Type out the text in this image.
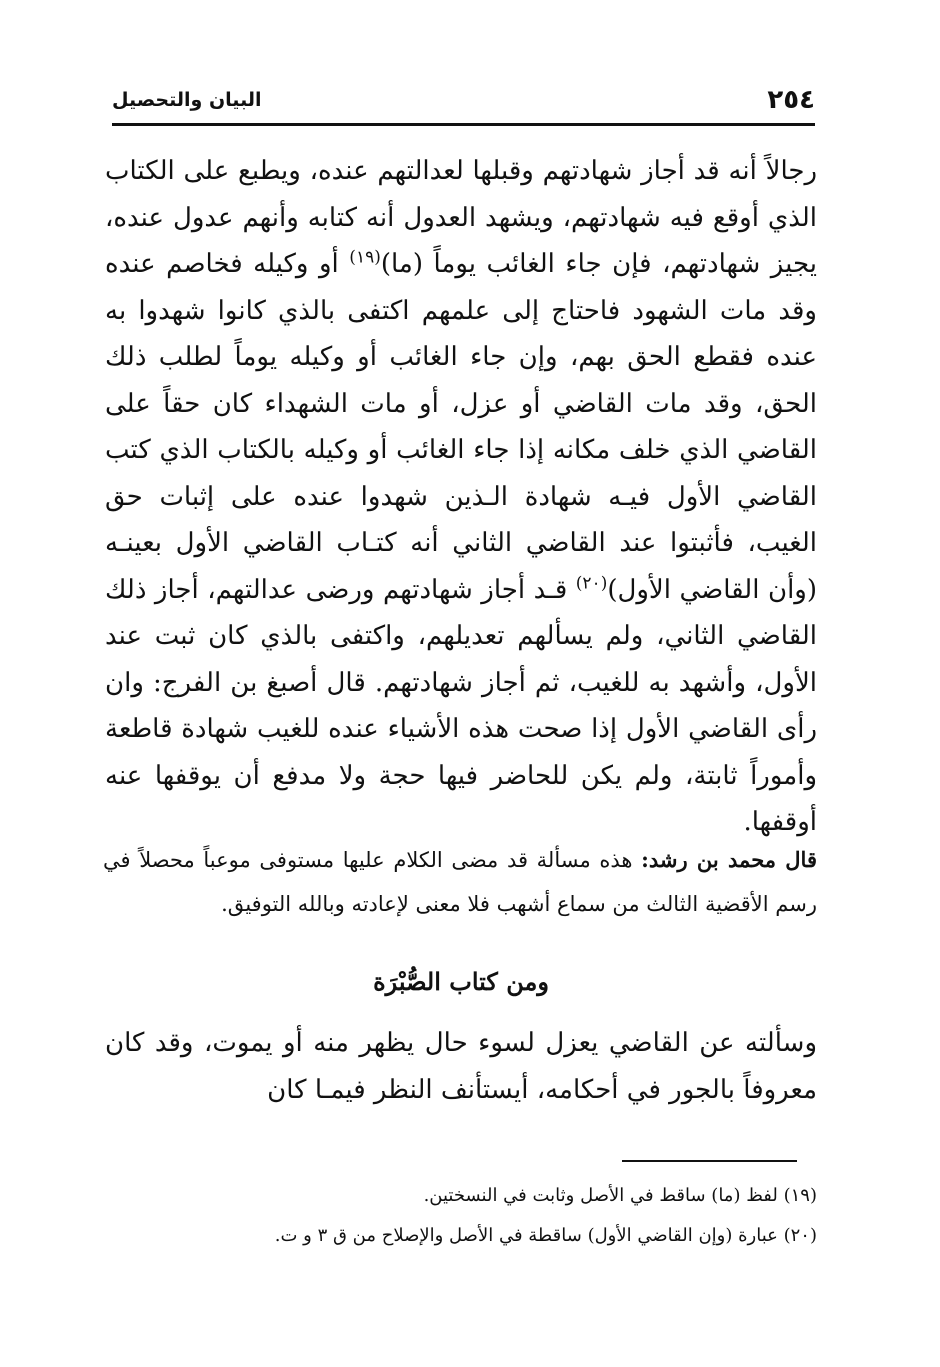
٢٥٤
البيان والتحصيل

رجالاً أنه قد أجاز شهادتهم وقبلها لعدالتهم عنده، ويطبع على الكتاب الذي أوقع فيه شهادتهم، ويشهد العدول أنه كتابه وأنهم عدول عنده، يجيز شهادتهم، فإن جاء الغائب يوماً (ما)$^{(١٩)}$ أو وكيله فخاصم عنده وقد مات الشهود فاحتاج إلى علمهم اكتفى بالذي كانوا شهدوا به عنده فقطع الحق بهم، وإن جاء الغائب أو وكيله يوماً لطلب ذلك الحق، وقد مات القاضي أو عزل، أو مات الشهداء كان حقاً على القاضي الذي خلف مكانه إذا جاء الغائب أو وكيله بالكتاب الذي كتب القاضي الأول فيـه شهادة الـذين شهدوا عنده على إثبات حق الغيب، فأثبتوا عند القاضي الثاني أنه كتـاب القاضي الأول بعينـه (وأن القاضي الأول)$^{(٢٠)}$ قـد أجاز شهادتهم ورضى عدالتهم، أجاز ذلك القاضي الثاني، ولم يسألهم تعديلهم، واكتفى بالذي كان ثبت عند الأول، وأشهد به للغيب، ثم أجاز شهادتهم. قال أصبغ بن الفرج: وان رأى القاضي الأول إذا صحت هذه الأشياء عنده للغيب شهادة قاطعة وأموراً ثابتة، ولم يكن للحاضر فيها حجة ولا مدفع أن يوقفها عنه أوقفها.

قال محمد بن رشد: هذه مسألة قد مضى الكلام عليها مستوفى موعباً محصلاً في رسم الأقضية الثالث من سماع أشهب فلا معنى لإعادته وبالله التوفيق.

ومن كتاب الصُّبْرَة

وسألته عن القاضي يعزل لسوء حال يظهر منه أو يموت، وقد كان معروفاً بالجور في أحكامه، أيستأنف النظر فيمـا كان

(١٩) لفظ (ما) ساقط في الأصل وثابت في النسختين.
(٢٠) عبارة (وإن القاضي الأول) ساقطة في الأصل والإصلاح من ق ٣ و ت.
